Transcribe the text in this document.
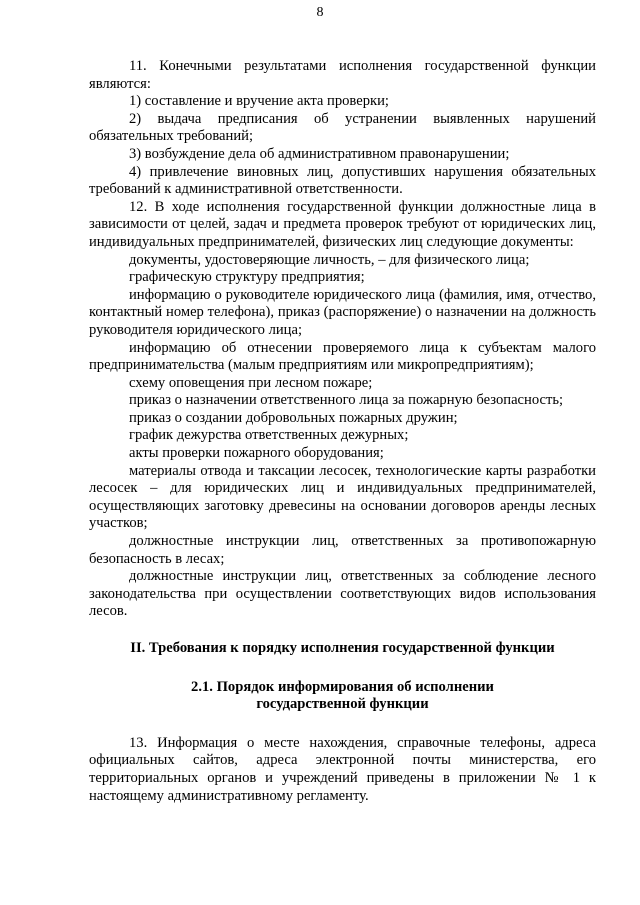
8

11. Конечными результатами исполнения государственной функции являются:

1) составление и вручение акта проверки;

2) выдача предписания об устранении выявленных нарушений обязательных требований;

3) возбуждение дела об административном правонарушении;

4) привлечение виновных лиц, допустивших нарушения обязательных требований к административной ответственности.

12. В ходе исполнения государственной функции должностные лица в зависимости от целей, задач и предмета проверок требуют от юридических лиц, индивидуальных предпринимателей, физических лиц следующие документы:

документы, удостоверяющие личность, – для физического лица;

графическую структуру предприятия;

информацию о руководителе юридического лица (фамилия, имя, отчество, контактный номер телефона), приказ (распоряжение) о назначении на должность руководителя юридического лица;

информацию об отнесении проверяемого лица к субъектам малого предпринимательства (малым предприятиям или микропредприятиям);

схему оповещения при лесном пожаре;

приказ о назначении ответственного лица за пожарную безопасность;

приказ о создании добровольных пожарных дружин;

график дежурства ответственных дежурных;

акты проверки пожарного оборудования;

материалы отвода и таксации лесосек, технологические карты разработки лесосек – для юридических лиц и индивидуальных предпринимателей, осуществляющих заготовку древесины на основании договоров аренды лесных участков;

должностные инструкции лиц, ответственных за противопожарную безопасность в лесах;

должностные инструкции лиц, ответственных за соблюдение лесного законодательства при осуществлении соответствующих видов использования лесов.

II. Требования к порядку исполнения государственной функции
2.1. Порядок информирования об исполнении
государственной функции

13. Информация о месте нахождения, справочные телефоны, адреса официальных сайтов, адреса электронной почты министерства, его территориальных органов и учреждений приведены в приложении № 1 к настоящему административному регламенту.
